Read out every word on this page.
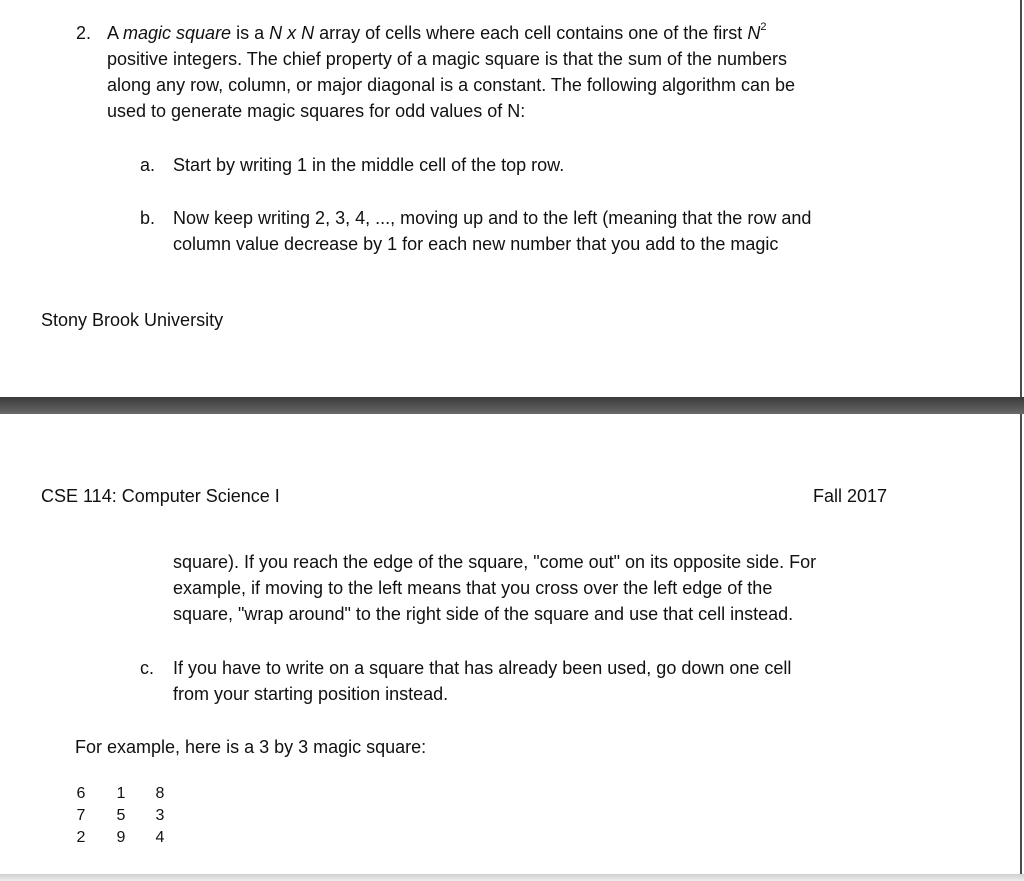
2. A magic square is a N x N array of cells where each cell contains one of the first $N^2$
positive integers. The chief property of a magic square is that the sum of the numbers
along any row, column, or major diagonal is a constant. The following algorithm can be
used to generate magic squares for odd values of N:
a. Start by writing 1 in the middle cell of the top row.
b. Now keep writing 2, 3, 4, ..., moving up and to the left (meaning that the row and
column value decrease by 1 for each new number that you add to the magic
Stony Brook University
CSE 114: Computer Science I	Fall 2017
square). If you reach the edge of the square, "come out" on its opposite side. For
example, if moving to the left means that you cross over the left edge of the
square, "wrap around" to the right side of the square and use that cell instead.
c. If you have to write on a square that has already been used, go down one cell
from your starting position instead.
For example, here is a 3 by 3 magic square:
6 1 8
7 5 3
2 9 4
